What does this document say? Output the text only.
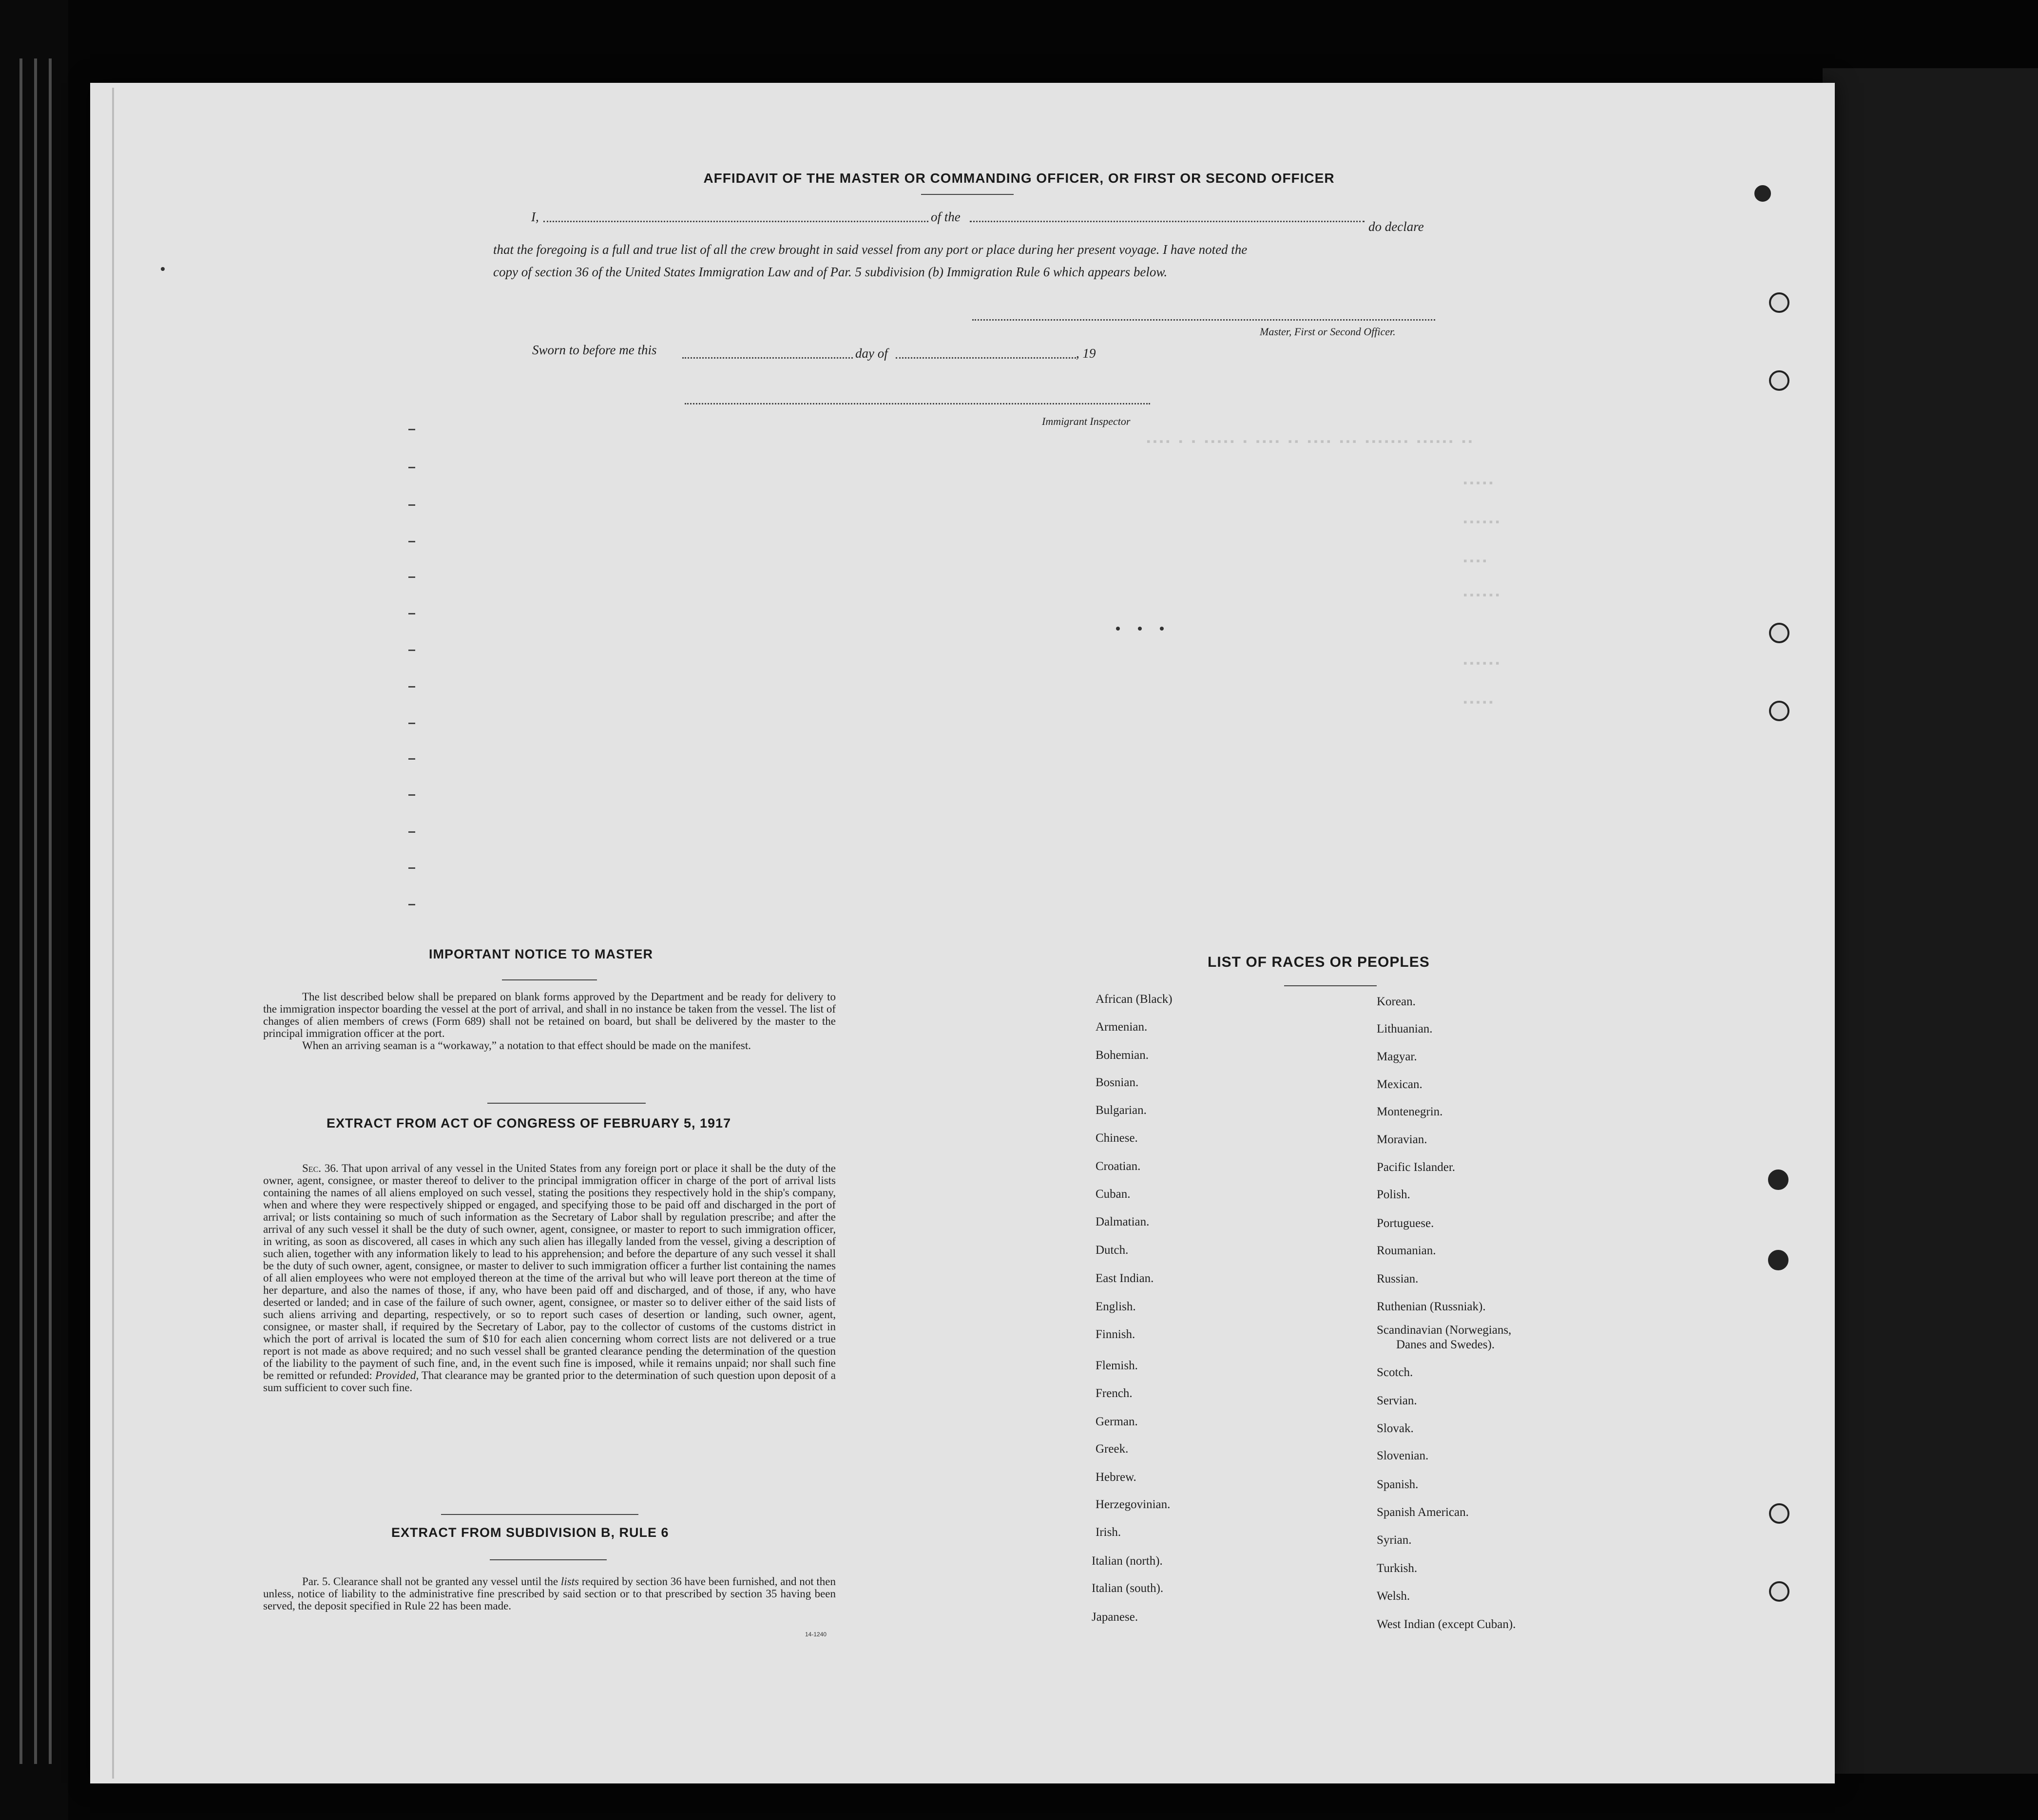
▪▪▪▪ ▪ ▪ ▪▪▪▪▪ ▪ ▪▪▪▪ ▪▪ ▪▪▪▪ ▪▪▪ ▪▪▪▪▪▪▪ ▪▪▪▪▪▪ ▪▪
▪▪▪▪▪
▪▪▪▪▪▪
▪▪▪▪
▪▪▪▪▪▪
▪▪▪▪▪▪
▪▪▪▪▪
AFFIDAVIT OF THE MASTER OR COMMANDING OFFICER, OR FIRST OR SECOND OFFICER
I,	of the
do declare
that the foregoing is a full and true list of all the crew brought in said vessel from any port or place during her present voyage. I have noted the
copy of section 36 of the United States Immigration Law and of Par. 5 subdivision (b) Immigration Rule 6 which appears below.
Master, First or Second Officer.
Sworn to before me this	day of	, 19
Immigrant Inspector
IMPORTANT NOTICE TO MASTER

The list described below shall be prepared on blank forms approved by the Department and be ready for delivery to the immigration inspector boarding the vessel at the port of arrival, and shall in no instance be taken from the vessel. The list of changes of alien members of crews (Form 689) shall not be retained on board, but shall be delivered by the master to the principal immigration officer at the port.

When an arriving seaman is a “workaway,” a notation to that effect should be made on the manifest.

EXTRACT FROM ACT OF CONGRESS OF FEBRUARY 5, 1917

Sec. 36. That upon arrival of any vessel in the United States from any foreign port or place it shall be the duty of the owner, agent, consignee, or master thereof to deliver to the principal immigration officer in charge of the port of arrival lists containing the names of all aliens employed on such vessel, stating the positions they respectively hold in the ship's company, when and where they were respectively shipped or engaged, and specifying those to be paid off and discharged in the port of arrival; or lists containing so much of such information as the Secretary of Labor shall by regulation prescribe; and after the arrival of any such vessel it shall be the duty of such owner, agent, consignee, or master to report to such immigration officer, in writing, as soon as discovered, all cases in which any such alien has illegally landed from the vessel, giving a description of such alien, together with any information likely to lead to his apprehension; and before the departure of any such vessel it shall be the duty of such owner, agent, consignee, or master to deliver to such immigration officer a further list containing the names of all alien employees who were not employed thereon at the time of the arrival but who will leave port thereon at the time of her departure, and also the names of those, if any, who have been paid off and discharged, and of those, if any, who have deserted or landed; and in case of the failure of such owner, agent, consignee, or master so to deliver either of the said lists of such aliens arriving and departing, respectively, or so to report such cases of desertion or landing, such owner, agent, consignee, or master shall, if required by the Secretary of Labor, pay to the collector of customs of the customs district in which the port of arrival is located the sum of $10 for each alien concerning whom correct lists are not delivered or a true report is not made as above required; and no such vessel shall be granted clearance pending the determination of the question of the liability to the payment of such fine, and, in the event such fine is imposed, while it remains unpaid; nor shall such fine be remitted or refunded: Provided, That clearance may be granted prior to the determination of such question upon deposit of a sum sufficient to cover such fine.

EXTRACT FROM SUBDIVISION B, RULE 6

Par. 5. Clearance shall not be granted any vessel until the lists required by section 36 have been furnished, and not then unless, notice of liability to the administrative fine prescribed by said section or to that prescribed by section 35 having been served, the deposit specified in Rule 22 has been made.

14-1240
LIST OF RACES OR PEOPLES
African (Black)
Armenian.
Bohemian.
Bosnian.
Bulgarian.
Chinese.
Croatian.
Cuban.
Dalmatian.
Dutch.
East Indian.
English.
Finnish.
Flemish.
French.
German.
Greek.
Hebrew.
Herzegovinian.
Irish.
Italian (north).
Italian (south).
Japanese.
Korean.
Lithuanian.
Magyar.
Mexican.
Montenegrin.
Moravian.
Pacific Islander.
Polish.
Portuguese.
Roumanian.
Russian.
Ruthenian (Russniak).
Scandinavian (Norwegians,
Danes and Swedes).
Scotch.
Servian.
Slovak.
Slovenian.
Spanish.
Spanish American.
Syrian.
Turkish.
Welsh.
West Indian (except Cuban).
